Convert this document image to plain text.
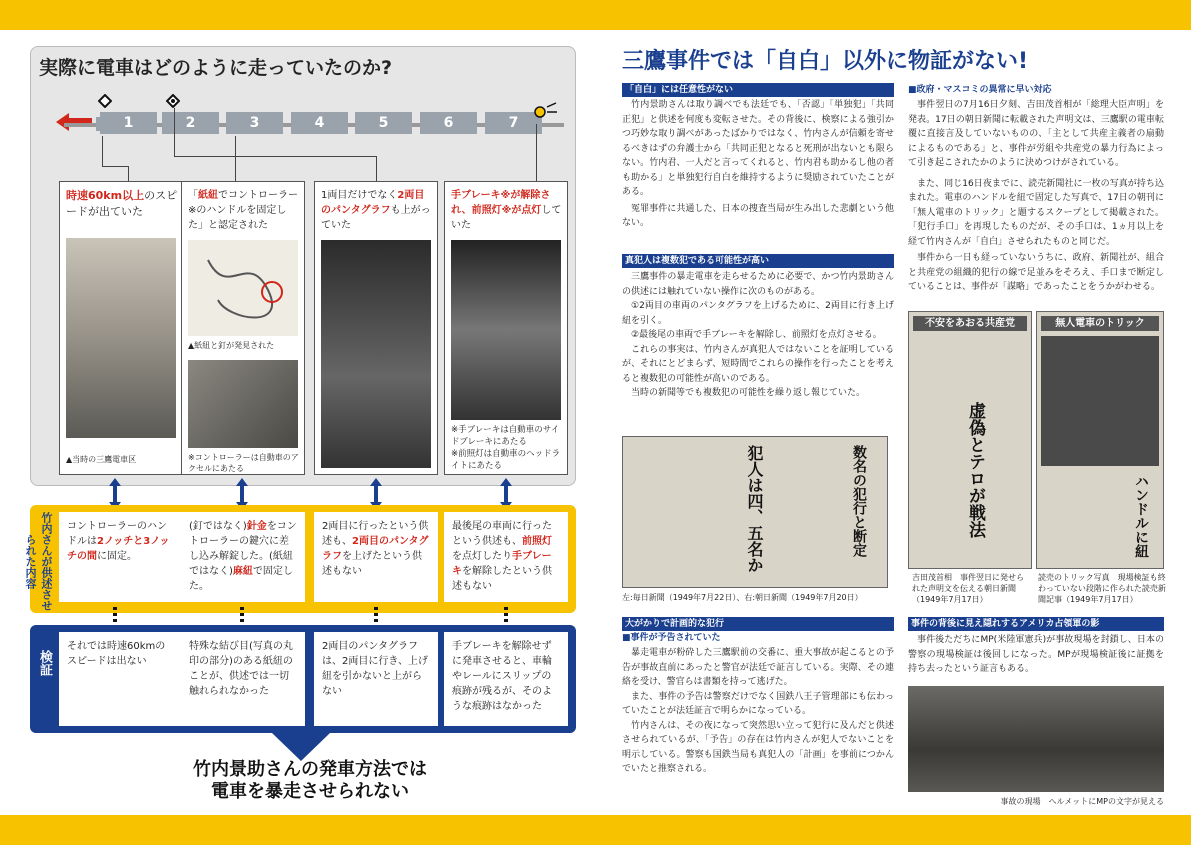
実際に電車はどのように走っていたのか?
1	2	3	4	5	6	7
時速60km以上のスピードが出ていた
▲当時の三鷹電車区
「紙紐でコントローラー※のハンドルを固定した」と認定された
▲紙紐と釘が発見された
※コントローラーは自動車のアクセルにあたる
1両目だけでなく2両目のパンタグラフも上がっていた
手ブレーキ※が解除され、前照灯※が点灯していた
※手ブレーキは自動車のサイドブレーキにあたる
※前照灯は自動車のヘッドライトにあたる
竹内さんが供述させられた内容
コントローラーのハンドルは2ノッチと3ノッチの間に固定。
(釘ではなく)針金をコントローラーの鍵穴に差し込み解錠した。(紙紐ではなく)麻紐で固定した。
2両目に行ったという供述も、2両目のパンタグラフを上げたという供述もない
最後尾の車両に行ったという供述も、前照灯を点灯したり手ブレーキを解除したという供述もない
検証
それでは時速60kmのスピードは出ない
特殊な結び目(写真の丸印の部分)のある紙紐のことが、供述では一切触れられなかった
2両目のパンタグラフは、2両目に行き、上げ紐を引かないと上がらない
手ブレーキを解除せずに発車させると、車輪やレールにスリップの痕跡が残るが、そのような痕跡はなかった
竹内景助さんの発車方法では
電車を暴走させられない
三鷹事件では「自白」以外に物証がない!
「自白」には任意性がない
竹内景助さんは取り調べでも法廷でも、「否認」「単独犯」「共同正犯」と供述を何度も変転させた。その背後に、検察による強引かつ巧妙な取り調べがあったばかりではなく、竹内さんが信頼を寄せるべきはずの弁護士から「共同正犯となると死刑が出ないとも限らない。竹内君、一人だと言ってくれると、竹内君も助かるし他の者も助かる」と単独犯行自白を維持するように奨励されていたことがある。
冤罪事件に共通した、日本の捜査当局が生み出した悲劇という他ない。
真犯人は複数犯である可能性が高い
三鷹事件の暴走電車を走らせるために必要で、かつ竹内景助さんの供述には触れていない操作に次のものがある。
①2両目の車両のパンタグラフを上げるために、2両目に行き上げ紐を引く。
②最後尾の車両で手ブレーキを解除し、前照灯を点灯させる。
これらの事実は、竹内さんが真犯人ではないことを証明しているが、それにとどまらず、短時間でこれらの操作を行ったことを考えると複数犯の可能性が高いのである。
当時の新聞等でも複数犯の可能性を繰り返し報じていた。
犯人は四、五名か	数名の犯行と断定
左:毎日新聞（1949年7月22日）、右:朝日新聞（1949年7月20日）
大がかりで計画的な犯行
■事件が予告されていた
暴走電車が粉砕した三鷹駅前の交番に、重大事故が起こるとの予告が事故直前にあったと警官が法廷で証言している。実際、その連絡を受け、警官らは書類を持って逃げた。
また、事件の予告は警察だけでなく国鉄八王子管理部にも伝わっていたことが法廷証言で明らかになっている。
竹内さんは、その夜になって突然思い立って犯行に及んだと供述させられているが、「予告」の存在は竹内さんが犯人でないことを明示している。警察も国鉄当局も真犯人の「計画」を事前につかんでいたと推察される。
■政府・マスコミの異常に早い対応
事件翌日の7月16日夕刻、吉田茂首相が「総理大臣声明」を発表。17日の朝日新聞に転載された声明文は、三鷹駅の電車転覆に直接言及していないものの、「主として共産主義者の扇動によるものである」と、事件が労組や共産党の暴力行為によって引き起こされたかのように決めつけがされている。
また、同じ16日夜までに、読売新聞社に一枚の写真が持ち込まれた。電車のハンドルを紐で固定した写真で、17日の朝刊に「無人電車のトリック」と題するスクープとして掲載された。「犯行手口」を再現したものだが、その手口は、1ヵ月以上を経て竹内さんが「自白」させられたものと同じだ。
事件から一日も経っていないうちに、政府、新聞社が、組合と共産党の組織的犯行の線で足並みをそろえ、手口まで断定していることは、事件が「謀略」であったことをうかがわせる。
不安をあおる共産党
虚偽とテロが戦法
無人電車のトリック
ハンドルに紐
吉田茂首相　事件翌日に発せられた声明文を伝える朝日新聞（1949年7月17日）
読売のトリック写真　現場検証も終わっていない段階に作られた読売新聞記事（1949年7月17日）
事件の背後に見え隠れするアメリカ占領軍の影
事件後ただちにMP(米陸軍憲兵)が事故現場を封鎖し、日本の警察の現場検証は後回しになった。MPが現場検証後に証拠を持ち去ったという証言もある。
事故の現場　ヘルメットにMPの文字が見える
